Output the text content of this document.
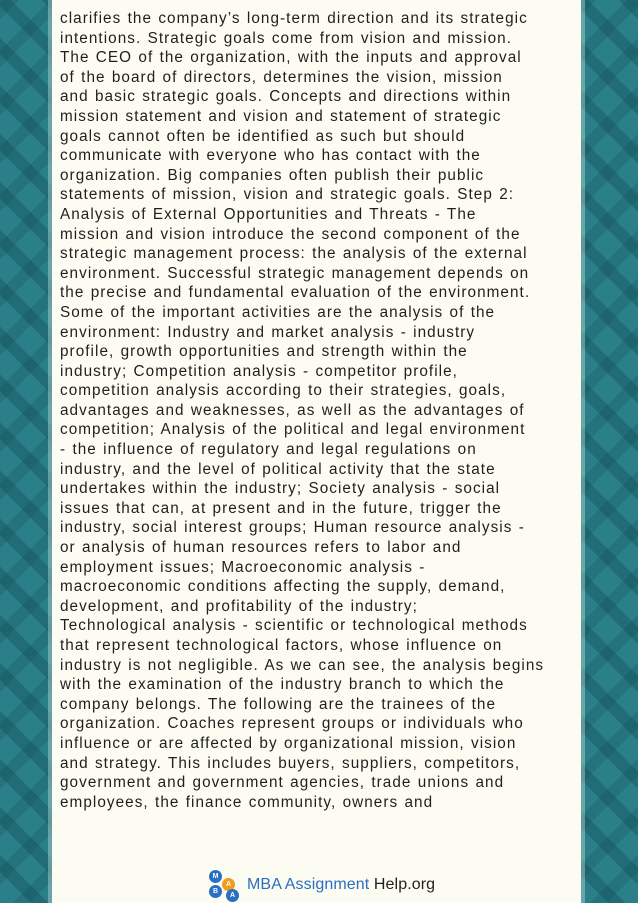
clarifies the company’s long-term direction and its strategic
intentions. Strategic goals come from vision and mission.
The CEO of the organization, with the inputs and approval
of the board of directors, determines the vision, mission
and basic strategic goals. Concepts and directions within
mission statement and vision and statement of strategic
goals cannot often be identified as such but should
communicate with everyone who has contact with the
organization. Big companies often publish their public
statements of mission, vision and strategic goals. Step 2:
Analysis of External Opportunities and Threats - The
mission and vision introduce the second component of the
strategic management process: the analysis of the external
environment. Successful strategic management depends on
the precise and fundamental evaluation of the environment.
Some of the important activities are the analysis of the
environment: Industry and market analysis - industry
profile, growth opportunities and strength within the
industry; Competition analysis - competitor profile,
competition analysis according to their strategies, goals,
advantages and weaknesses, as well as the advantages of
competition; Analysis of the political and legal environment
- the influence of regulatory and legal regulations on
industry, and the level of political activity that the state
undertakes within the industry; Society analysis - social
issues that can, at present and in the future, trigger the
industry, social interest groups; Human resource analysis -
or analysis of human resources refers to labor and
employment issues; Macroeconomic analysis -
macroeconomic conditions affecting the supply, demand,
development, and profitability of the industry;
Technological analysis - scientific or technological methods
that represent technological factors, whose influence on
industry is not negligible. As we can see, the analysis begins
with the examination of the industry branch to which the
company belongs. The following are the trainees of the
organization. Coaches represent groups or individuals who
influence or are affected by organizational mission, vision
and strategy. This includes buyers, suppliers, competitors,
government and government agencies, trade unions and
employees, the finance community, owners and
M
A
B
A
MBA Assignment Help.org
